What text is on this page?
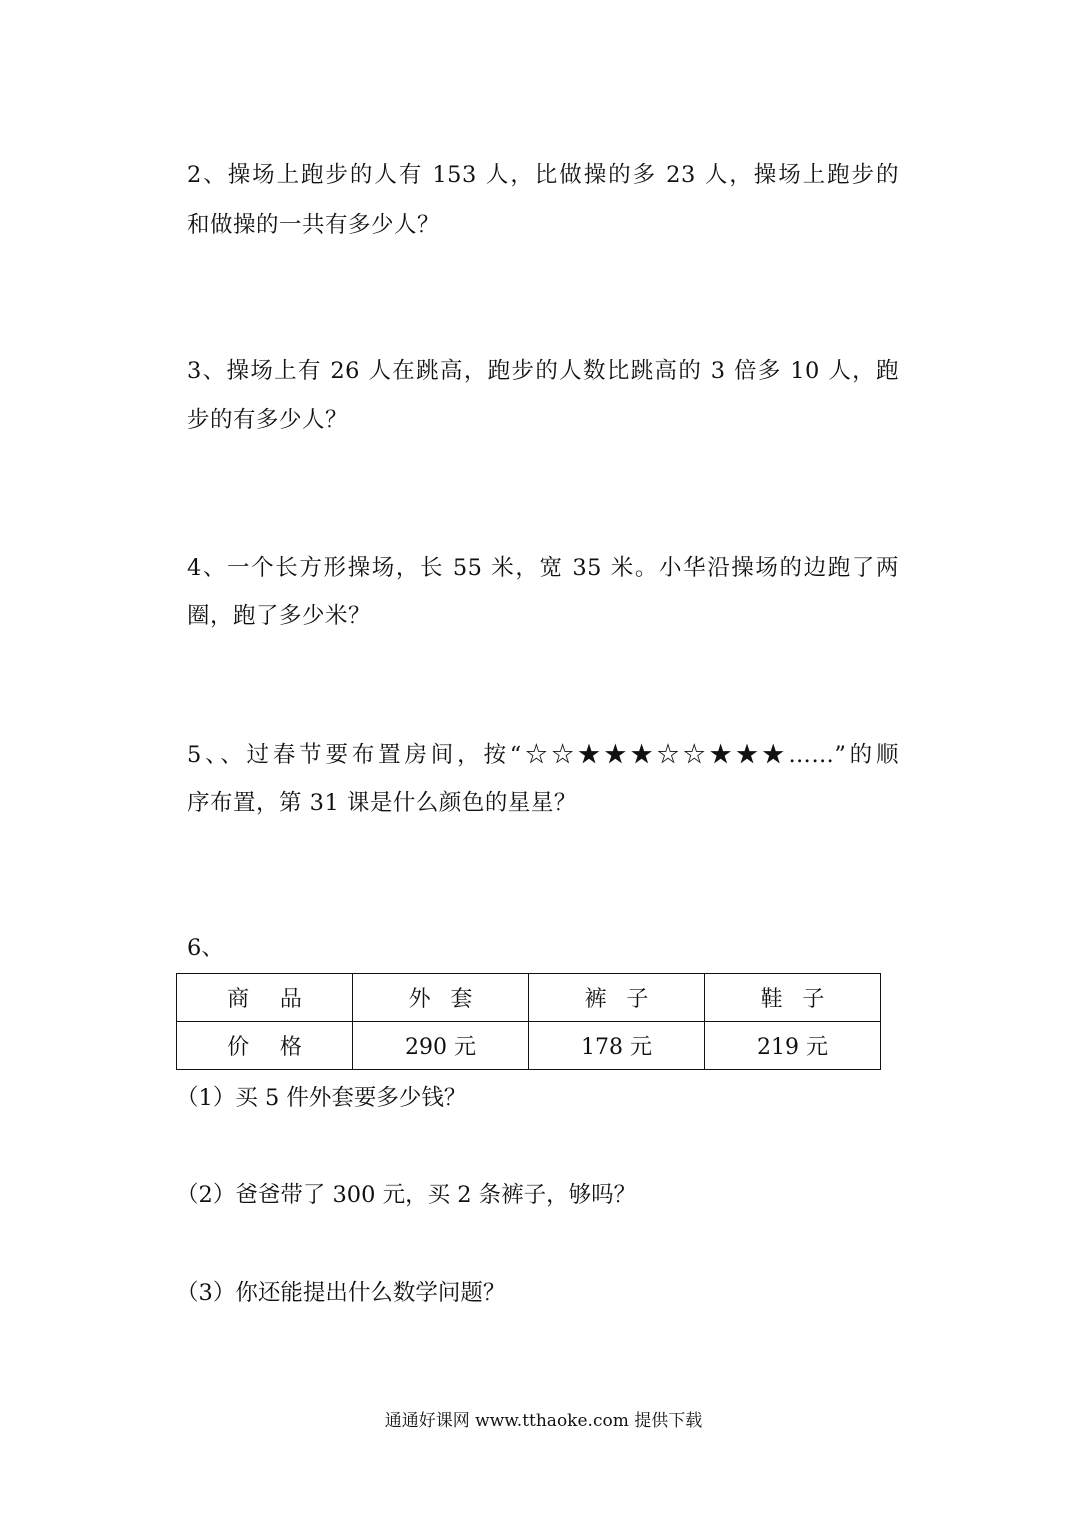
2、操场上跑步的人有 153 人，比做操的多 23 人，操场上跑步的
和做操的一共有多少人？
3、操场上有 26 人在跳高，跑步的人数比跳高的 3 倍多 10 人，跑
步的有多少人？
4、一个长方形操场，长 55 米，宽 35 米。小华沿操场的边跑了两
圈，跑了多少米？
5、、过春节要布置房间，按“☆☆★★★☆☆★★★……”的顺
序布置，第 31 课是什么颜色的星星？
6、
商品	外套	裤子	鞋子
价格	290 元	178 元	219 元
（1）买 5 件外套要多少钱？
（2）爸爸带了 300 元，买 2 条裤子，够吗？
（3）你还能提出什么数学问题？
通通好课网 www.tthaoke.com 提供下载
